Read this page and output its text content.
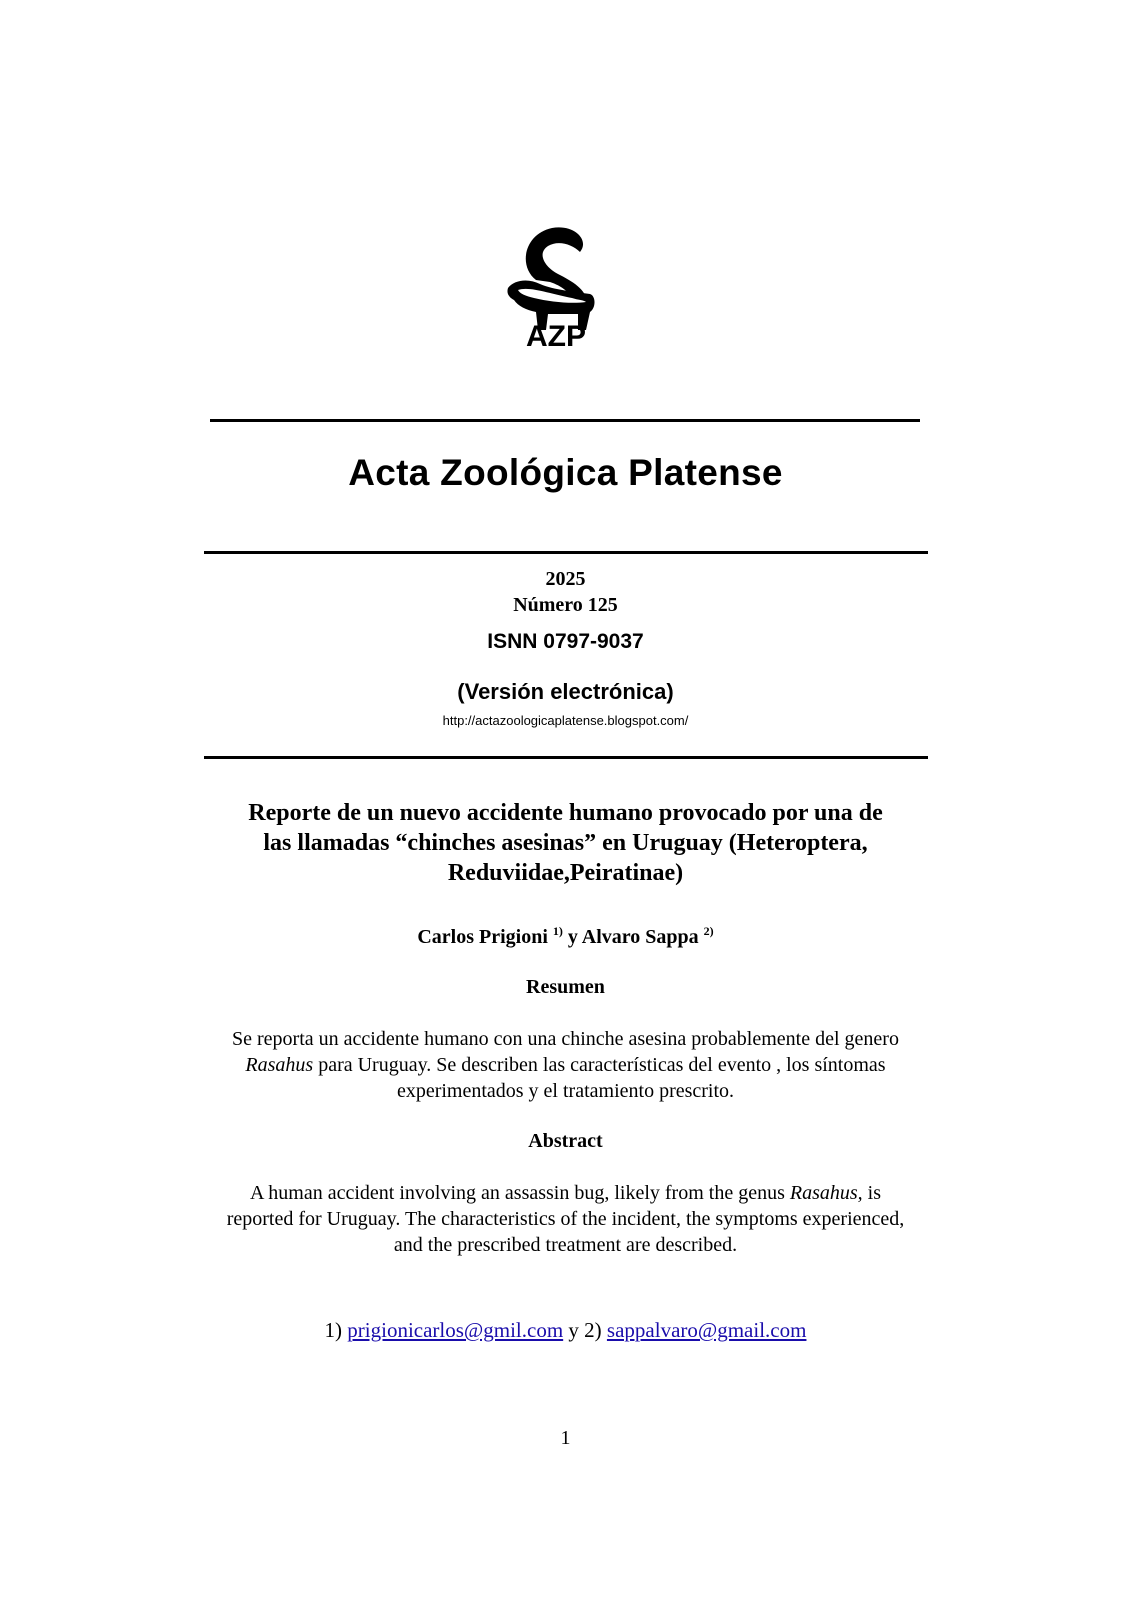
AZP
Acta Zoológica Platense
2025
Número 125
ISNN 0797-9037
(Versión electrónica)
http://actazoologicaplatense.blogspot.com/
Reporte de un nuevo accidente humano provocado por una de
las llamadas “chinches asesinas” en Uruguay (Heteroptera,
Reduviidae,Peiratinae)
Carlos Prigioni $^{1)}$ y Alvaro Sappa $^{2)}$
Resumen
Se reporta un accidente humano con una chinche asesina probablemente del genero
Rasahus para Uruguay. Se describen las características del evento , los síntomas
experimentados y el tratamiento prescrito.
Abstract
A human accident involving an assassin bug, likely from the genus Rasahus, is
reported for Uruguay. The characteristics of the incident, the symptoms experienced,
and the prescribed treatment are described.
1) prigionicarlos@gmil.com y 2) sappalvaro@gmail.com
1
